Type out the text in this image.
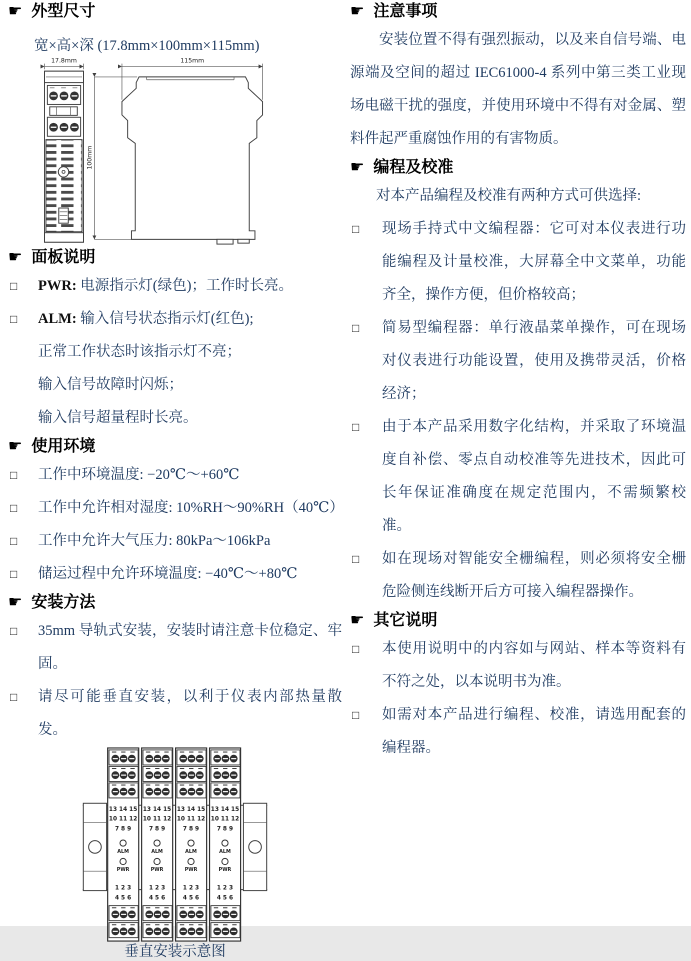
☛ 外型尺寸
宽×高×深 (17.8mm×100mm×115mm)
17.8mm
100mm
115mm
☛ 面板说明
□ PWR: 电源指示灯(绿色)；工作时长亮。
□ ALM: 输入信号状态指示灯(红色);
正常工作状态时该指示灯不亮；
输入信号故障时闪烁；
输入信号超量程时长亮。
☛ 使用环境
□ 工作中环境温度: −20℃～+60℃
□ 工作中允许相对湿度: 10%RH～90%RH（40℃）
□ 工作中允许大气压力: 80kPa～106kPa
□ 储运过程中允许环境温度: −40℃～+80℃
☛ 安装方法
□ 35mm 导轨式安装，安装时请注意卡位稳定、牢固。
□ 请尽可能垂直安装，以利于仪表内部热量散发。
4 5 6

垂直安装示意图

☛ 注意事项

安装位置不得有强烈振动，以及来自信号端、电源端及空间的超过 IEC61000-4 系列中第三类工业现场电磁干扰的强度，并使用环境中不得有对金属、塑料件起严重腐蚀作用的有害物质。

☛ 编程及校准
对本产品编程及校准有两种方式可供选择:
□ 现场手持式中文编程器：它可对本仪表进行功能编程及计量校准，大屏幕全中文菜单，功能齐全，操作方便，但价格较高；
□ 简易型编程器：单行液晶菜单操作，可在现场对仪表进行功能设置，使用及携带灵活，价格经济；
□ 由于本产品采用数字化结构，并采取了环境温度自补偿、零点自动校准等先进技术，因此可长年保证准确度在规定范围内，不需频繁校准。
□ 如在现场对智能安全栅编程，则必须将安全栅危险侧连线断开后方可接入编程器操作。
☛ 其它说明
□ 本使用说明中的内容如与网站、样本等资料有不符之处，以本说明书为准。
□ 如需对本产品进行编程、校准，请选用配套的编程器。
